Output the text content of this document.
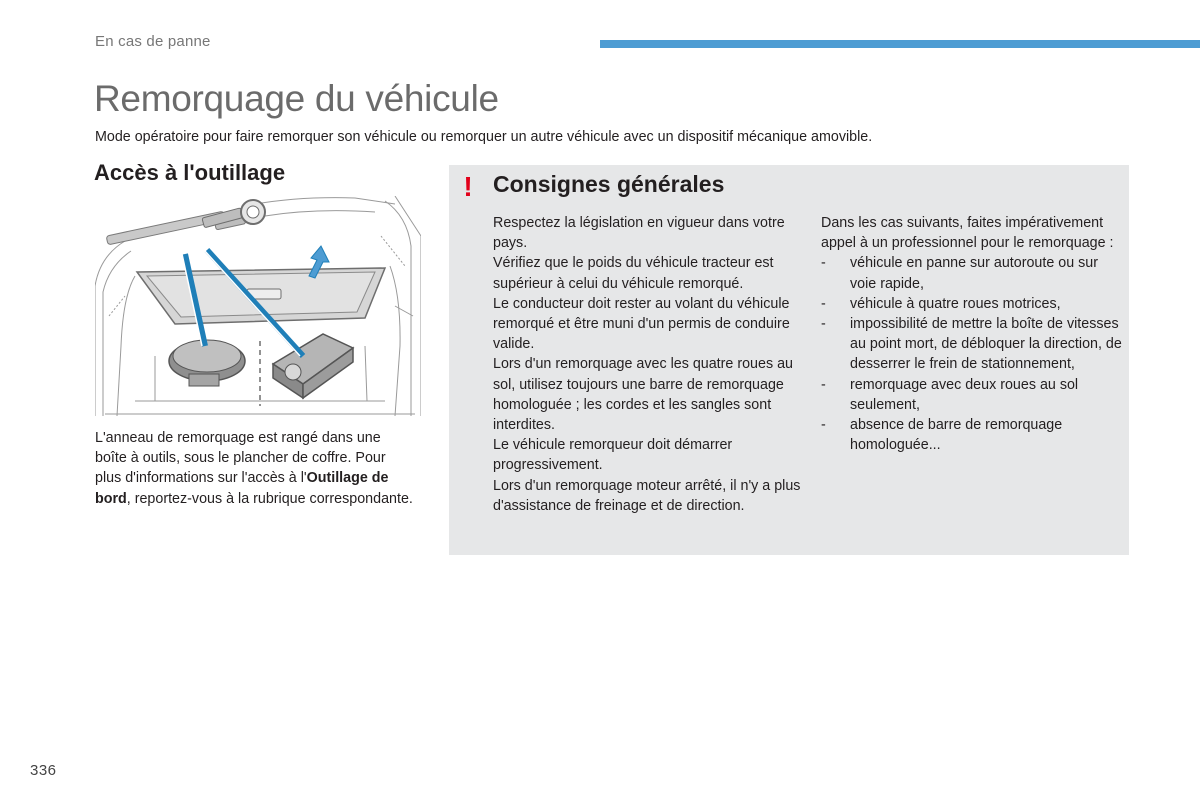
En cas de panne
Remorquage du véhicule

Mode opératoire pour faire remorquer son véhicule ou remorquer un autre véhicule avec un dispositif mécanique amovible.

Accès à l'outillage

L'anneau de remorquage est rangé dans une boîte à outils, sous le plancher de coffre. Pour plus d'informations sur l'accès à l'Outillage de bord, reportez-vous à la rubrique correspondante.

! Consignes générales

Respectez la législation en vigueur dans votre pays.

Vérifiez que le poids du véhicule tracteur est supérieur à celui du véhicule remorqué.

Le conducteur doit rester au volant du véhicule remorqué et être muni d'un permis de conduire valide.

Lors d'un remorquage avec les quatre roues au sol, utilisez toujours une barre de remorquage homologuée ; les cordes et les sangles sont interdites.

Le véhicule remorqueur doit démarrer progressivement.

Lors d'un remorquage moteur arrêté, il n'y a plus d'assistance de freinage et de direction.

Dans les cas suivants, faites impérativement appel à un professionnel pour le remorquage :

- véhicule en panne sur autoroute ou sur voie rapide,
- véhicule à quatre roues motrices,
- impossibilité de mettre la boîte de vitesses au point mort, de débloquer la direction, de desserrer le frein de stationnement,
- remorquage avec deux roues au sol seulement,
- absence de barre de remorquage homologuée...
336
